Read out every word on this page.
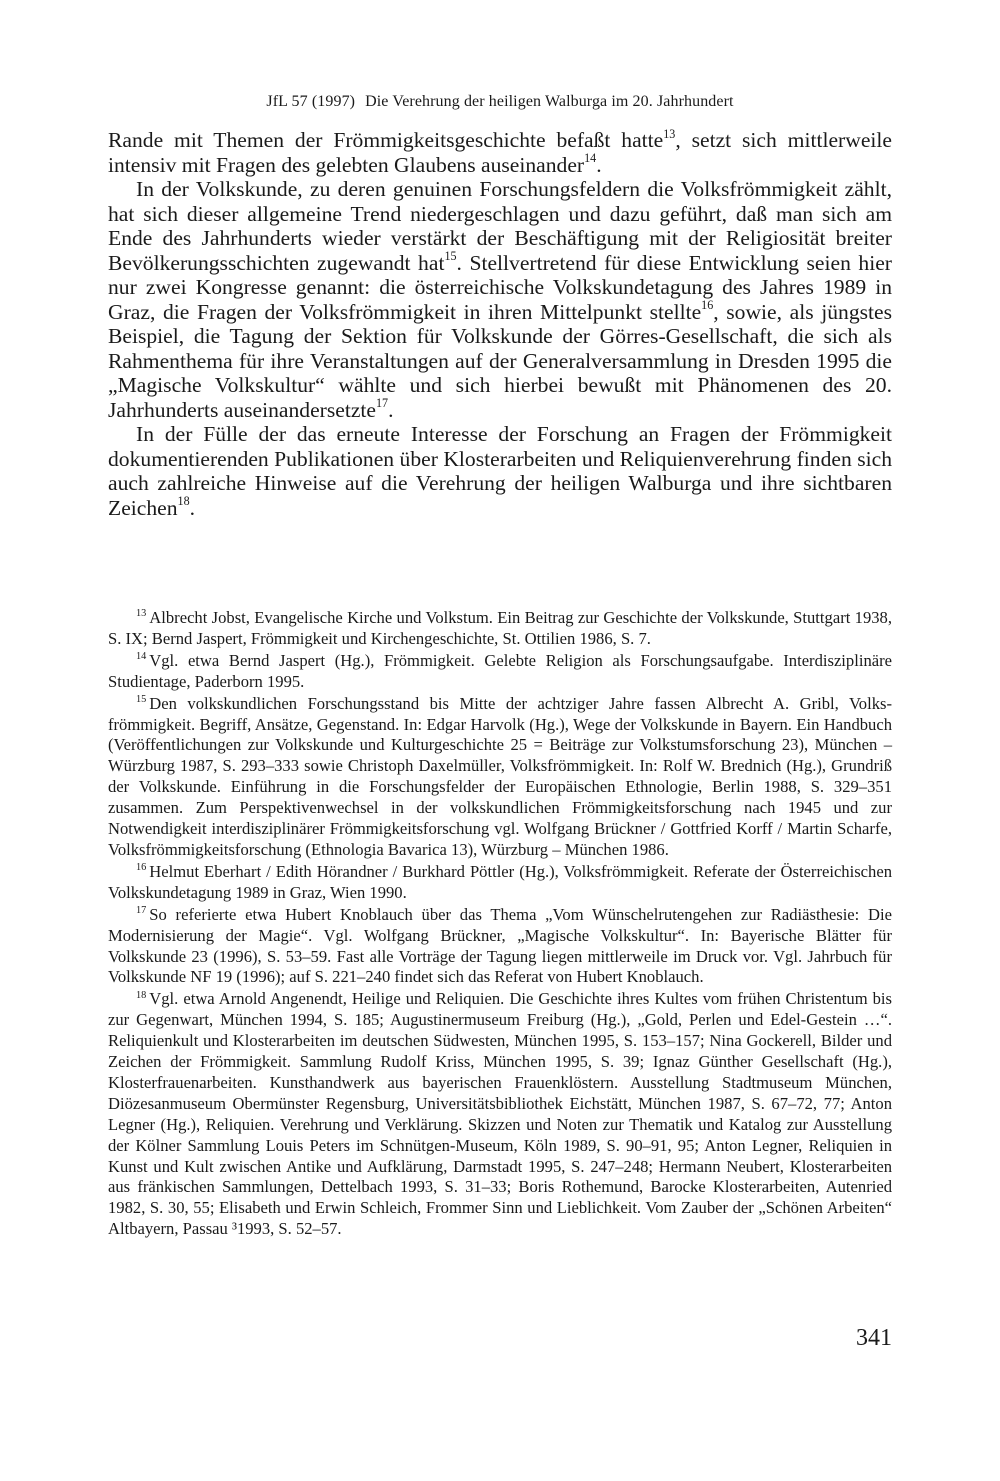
JfL 57 (1997) Die Verehrung der heiligen Walburga im 20. Jahrhundert

Rande mit Themen der Frömmigkeitsgeschichte befaßt hatte$^{13}$, setzt sich mittlerweile intensiv mit Fragen des gelebten Glaubens auseinander$^{14}$.

In der Volkskunde, zu deren genuinen Forschungsfeldern die Volksfrömmigkeit zählt, hat sich dieser allgemeine Trend niedergeschlagen und dazu geführt, daß man sich am Ende des Jahrhunderts wieder verstärkt der Beschäftigung mit der Religiosität breiter Bevölkerungsschichten zugewandt hat$^{15}$. Stellvertretend für diese Entwicklung seien hier nur zwei Kongresse genannt: die österreichische Volkskundetagung des Jahres 1989 in Graz, die Fragen der Volksfrömmigkeit in ihren Mittelpunkt stellte$^{16}$, sowie, als jüngstes Beispiel, die Tagung der Sektion für Volkskunde der Görres-Gesellschaft, die sich als Rahmenthema für ihre Veranstaltungen auf der Generalversammlung in Dresden 1995 die „Magische Volkskultur“ wählte und sich hierbei bewußt mit Phänomenen des 20. Jahrhunderts auseinandersetzte$^{17}$.

In der Fülle der das erneute Interesse der Forschung an Fragen der Frömmigkeit dokumentierenden Publikationen über Klosterarbeiten und Reliquienverehrung finden sich auch zahlreiche Hinweise auf die Verehrung der heiligen Walburga und ihre sichtbaren Zeichen$^{18}$.

$^{13}$ Albrecht Jobst, Evangelische Kirche und Volkstum. Ein Beitrag zur Geschichte der Volkskunde, Stuttgart 1938, S. IX; Bernd Jaspert, Frömmigkeit und Kirchengeschichte, St. Ottilien 1986, S. 7.

$^{14}$ Vgl. etwa Bernd Jaspert (Hg.), Frömmigkeit. Gelebte Religion als Forschungsaufgabe. Interdisziplinäre Studientage, Paderborn 1995.

$^{15}$ Den volkskundlichen Forschungsstand bis Mitte der achtziger Jahre fassen Albrecht A. Gribl, Volksfrömmigkeit. Begriff, Ansätze, Gegenstand. In: Edgar Harvolk (Hg.), Wege der Volkskunde in Bayern. Ein Handbuch (Veröffentlichungen zur Volkskunde und Kulturgeschichte 25 = Beiträge zur Volkstumsforschung 23), München – Würzburg 1987, S. 293–333 sowie Christoph Daxelmüller, Volksfrömmigkeit. In: Rolf W. Brednich (Hg.), Grundriß der Volkskunde. Einführung in die Forschungsfelder der Europäischen Ethnologie, Berlin 1988, S. 329–351 zusammen. Zum Perspektivenwechsel in der volkskundlichen Frömmigkeitsforschung nach 1945 und zur Notwendigkeit interdisziplinärer Frömmigkeitsforschung vgl. Wolfgang Brückner / Gottfried Korff / Martin Scharfe, Volksfrömmigkeitsforschung (Ethnologia Bavarica 13), Würzburg – München 1986.

$^{16}$ Helmut Eberhart / Edith Hörandner / Burkhard Pöttler (Hg.), Volksfrömmigkeit. Referate der Österreichischen Volkskundetagung 1989 in Graz, Wien 1990.

$^{17}$ So referierte etwa Hubert Knoblauch über das Thema „Vom Wünschelrutengehen zur Radiästhesie: Die Modernisierung der Magie“. Vgl. Wolfgang Brückner, „Magische Volkskultur“. In: Bayerische Blätter für Volkskunde 23 (1996), S. 53–59. Fast alle Vorträge der Tagung liegen mittlerweile im Druck vor. Vgl. Jahrbuch für Volkskunde NF 19 (1996); auf S. 221–240 findet sich das Referat von Hubert Knoblauch.

$^{18}$ Vgl. etwa Arnold Angenendt, Heilige und Reliquien. Die Geschichte ihres Kultes vom frühen Christentum bis zur Gegenwart, München 1994, S. 185; Augustinermuseum Freiburg (Hg.), „Gold, Perlen und Edel-Gestein …“. Reliquienkult und Klosterarbeiten im deutschen Südwesten, München 1995, S. 153–157; Nina Gockerell, Bilder und Zeichen der Frömmigkeit. Sammlung Rudolf Kriss, München 1995, S. 39; Ignaz Günther Gesellschaft (Hg.), Klosterfrauenarbeiten. Kunsthandwerk aus bayerischen Frauenklöstern. Ausstellung Stadtmuseum München, Diözesanmuseum Obermünster Regensburg, Universitätsbibliothek Eichstätt, München 1987, S. 67–72, 77; Anton Legner (Hg.), Reliquien. Verehrung und Verklärung. Skizzen und Noten zur Thematik und Katalog zur Ausstellung der Kölner Sammlung Louis Peters im Schnütgen-Museum, Köln 1989, S. 90–91, 95; Anton Legner, Reliquien in Kunst und Kult zwischen Antike und Aufklärung, Darmstadt 1995, S. 247–248; Hermann Neubert, Klosterarbeiten aus fränkischen Sammlungen, Dettelbach 1993, S. 31–33; Boris Rothemund, Barocke Klosterarbeiten, Autenried 1982, S. 30, 55; Elisabeth und Erwin Schleich, Frommer Sinn und Lieblichkeit. Vom Zauber der „Schönen Arbeiten“ Altbayern, Passau ³1993, S. 52–57.

341
